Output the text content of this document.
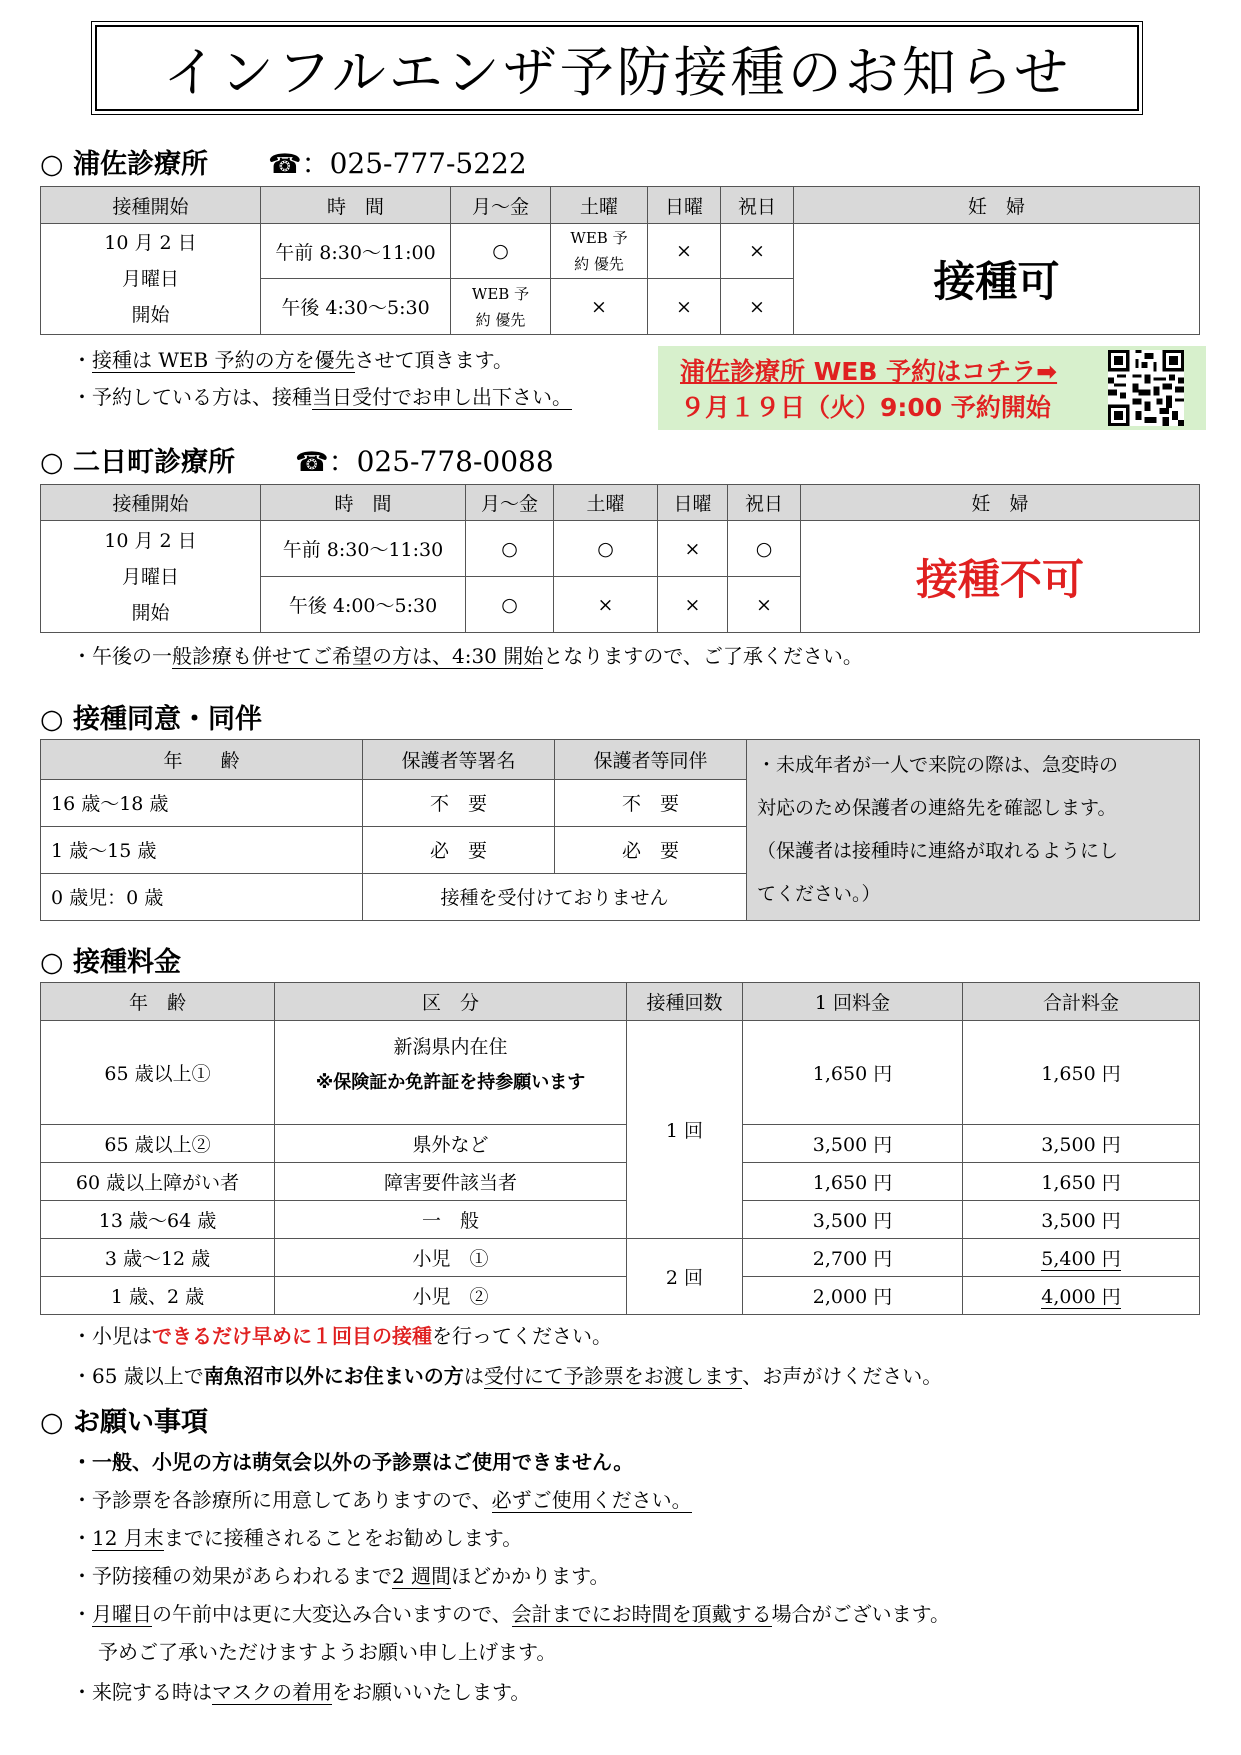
インフルエンザ予防接種のお知らせ
○ 浦佐診療所 ☎：025-777-5222
接種開始	時　間	月～金	土曜	日曜	祝日	妊　婦

10 月 2 日
月曜日
開始	午前 8:30～11:00	○	WEB 予約 優先	×	×	接種可
	午後 4:30～5:30	WEB 予約 優先	×	×	×	
・接種は WEB 予約の方を優先させて頂きます。
・予約している方は、接種当日受付でお申し出下さい。
浦佐診療所 WEB 予約はコチラ➡
９月１９日（火）9:00 予約開始
○ 二日町診療所 ☎：025-778-0088
接種開始	時　間	月～金	土曜	日曜	祝日	妊　婦

10 月 2 日
月曜日
開始	午前 8:30～11:30	○	○	×	○	接種不可
	午後 4:00～5:30	○	×	×	×	
・午後の一般診療も併せてご希望の方は、4:30 開始となりますので、ご了承ください。
○ 接種同意・同伴
年　　齢	保護者等署名	保護者等同伴	・未成年者が一人で来院の際は、急変時の
対応のため保護者の連絡先を確認します。
（保護者は接種時に連絡が取れるようにし
てください。）

16 歳～18 歳	不　要	不　要	
1 歳～15 歳	必　要	必　要	
0 歳児：0 歳	接種を受付けておりません		
○ 接種料金
年　齢	区　分	接種回数	1 回料金	合計料金
65 歳以上①	新潟県内在住
※保険証か免許証を持参願います	1 回	1,650 円	1,650 円
65 歳以上②	県外など		3,500 円	3,500 円
60 歳以上障がい者	障害要件該当者		1,650 円	1,650 円
13 歳～64 歳	一　般		3,500 円	3,500 円
3 歳～12 歳	小児　①	2 回	2,700 円	5,400 円
1 歳、2 歳	小児　②		2,000 円	4,000 円
・小児はできるだけ早めに１回目の接種を行ってください。
・65 歳以上で南魚沼市以外にお住まいの方は受付にて予診票をお渡します、お声がけください。
○ お願い事項
・一般、小児の方は萌気会以外の予診票はご使用できません。
・予診票を各診療所に用意してありますので、必ずご使用ください。
・12 月末までに接種されることをお勧めします。
・予防接種の効果があらわれるまで2 週間ほどかかります。
・月曜日の午前中は更に大変込み合いますので、会計までにお時間を頂戴する場合がございます。
予めご了承いただけますようお願い申し上げます。
・来院する時はマスクの着用をお願いいたします。
